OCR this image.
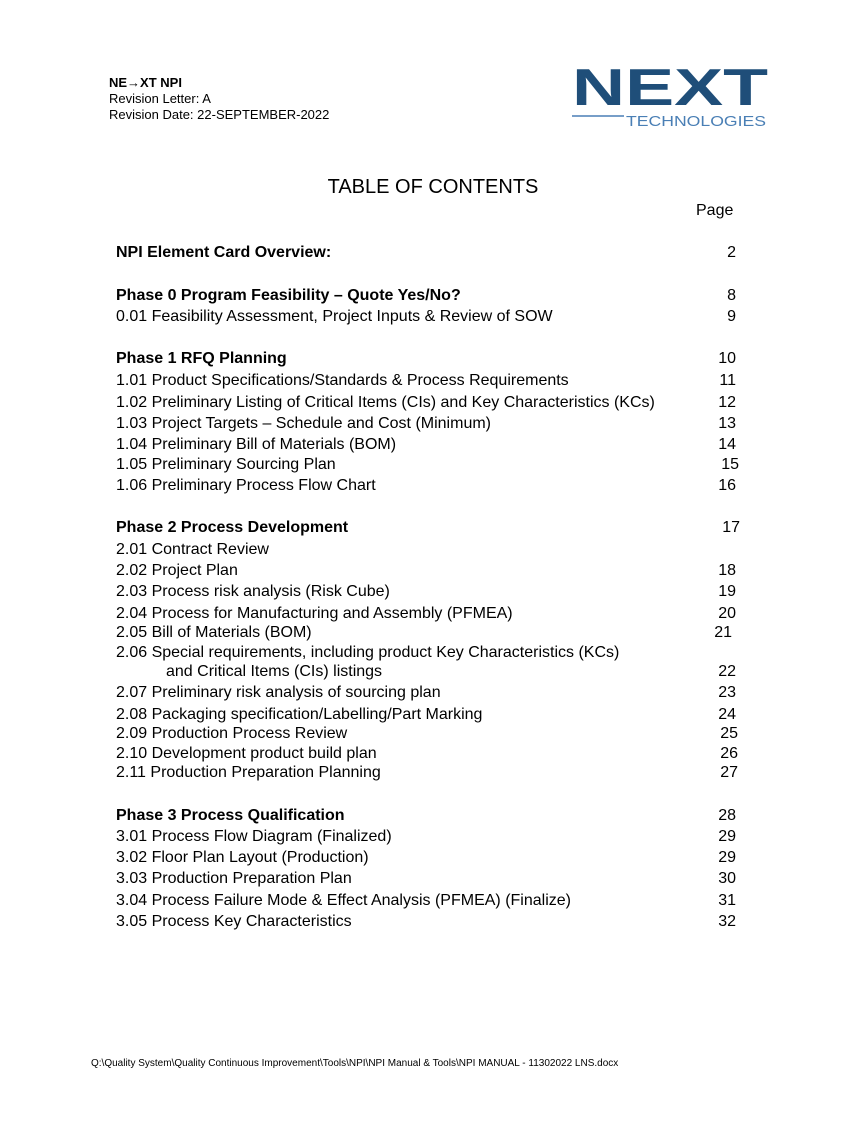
NE→XT NPI
Revision Letter: A
Revision Date: 22-SEPTEMBER-2022	NEXT
TECHNOLOGIES
TABLE OF CONTENTS
Page
NPI Element Card Overview:	2
Phase 0 Program Feasibility – Quote Yes/No?	8
0.01 Feasibility Assessment, Project Inputs & Review of SOW	9
Phase 1 RFQ Planning	10
1.01 Product Specifications/Standards & Process Requirements	11
1.02 Preliminary Listing of Critical Items (CIs) and Key Characteristics (KCs)	12
1.03 Project Targets – Schedule and Cost (Minimum)	13
1.04 Preliminary Bill of Materials (BOM)	14
1.05 Preliminary Sourcing Plan	15
1.06 Preliminary Process Flow Chart	16
Phase 2 Process Development	17
2.01 Contract Review
2.02 Project Plan	18
2.03 Process risk analysis (Risk Cube)	19
2.04 Process for Manufacturing and Assembly (PFMEA)	20
2.05 Bill of Materials (BOM)	21
2.06 Special requirements, including product Key Characteristics (KCs)
and Critical Items (CIs) listings	22
2.07 Preliminary risk analysis of sourcing plan	23
2.08 Packaging specification/Labelling/Part Marking	24
2.09 Production Process Review	25
2.10 Development product build plan	26
2.11 Production Preparation Planning	27
Phase 3 Process Qualification	28
3.01 Process Flow Diagram (Finalized)	29
3.02 Floor Plan Layout (Production)	29
3.03 Production Preparation Plan	30
3.04 Process Failure Mode & Effect Analysis (PFMEA) (Finalize)	31
3.05 Process Key Characteristics	32
Q:\Quality System\Quality Continuous Improvement\Tools\NPI\NPI Manual & Tools\NPI MANUAL - 11302022 LNS.docx
